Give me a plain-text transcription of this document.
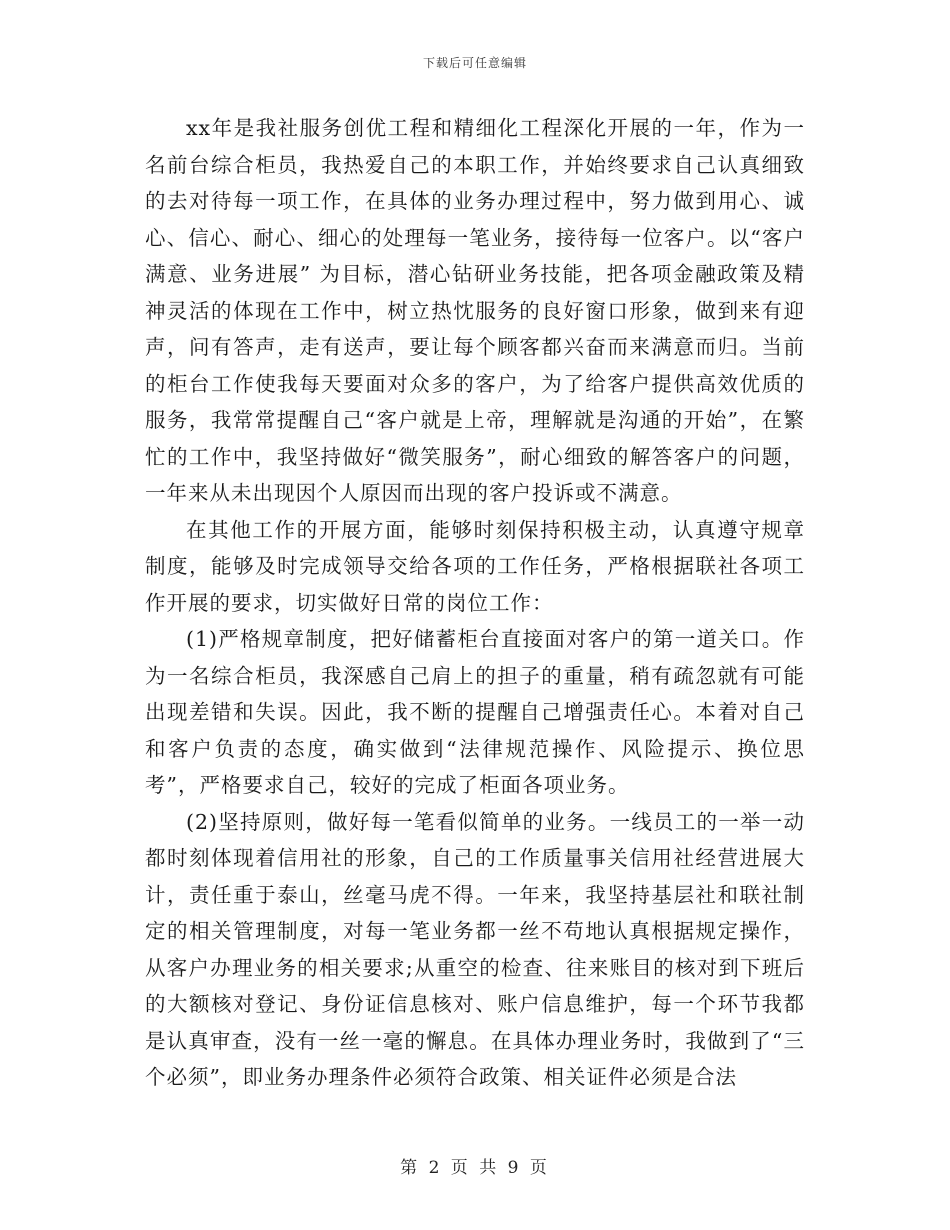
下载后可任意编辑

xx年是我社服务创优工程和精细化工程深化开展的一年，作为一名前台综合柜员，我热爱自己的本职工作，并始终要求自己认真细致的去对待每一项工作，在具体的业务办理过程中，努力做到用心、诚心、信心、耐心、细心的处理每一笔业务，接待每一位客户。以“客户满意、业务进展” 为目标，潜心钻研业务技能，把各项金融政策及精神灵活的体现在工作中，树立热忱服务的良好窗口形象，做到来有迎声，问有答声，走有送声，要让每个顾客都兴奋而来满意而归。当前的柜台工作使我每天要面对众多的客户，为了给客户提供高效优质的服务，我常常提醒自己“客户就是上帝，理解就是沟通的开始”，在繁忙的工作中，我坚持做好“微笑服务”，耐心细致的解答客户的问题，一年来从未出现因个人原因而出现的客户投诉或不满意。

在其他工作的开展方面，能够时刻保持积极主动，认真遵守规章制度，能够及时完成领导交给各项的工作任务，严格根据联社各项工作开展的要求，切实做好日常的岗位工作：

(1)严格规章制度，把好储蓄柜台直接面对客户的第一道关口。作为一名综合柜员，我深感自己肩上的担子的重量，稍有疏忽就有可能出现差错和失误。因此，我不断的提醒自己增强责任心。本着对自己和客户负责的态度，确实做到“法律规范操作、风险提示、换位思考”，严格要求自己，较好的完成了柜面各项业务。

(2)坚持原则，做好每一笔看似简单的业务。一线员工的一举一动都时刻体现着信用社的形象，自己的工作质量事关信用社经营进展大计，责任重于泰山，丝毫马虎不得。一年来，我坚持基层社和联社制定的相关管理制度，对每一笔业务都一丝不苟地认真根据规定操作，从客户办理业务的相关要求;从重空的检查、往来账目的核对到下班后的大额核对登记、身份证信息核对、账户信息维护，每一个环节我都是认真审查，没有一丝一毫的懈息。在具体办理业务时，我做到了“三个必须”，即业务办理条件必须符合政策、相关证件必须是合法

第 2 页 共 9 页
